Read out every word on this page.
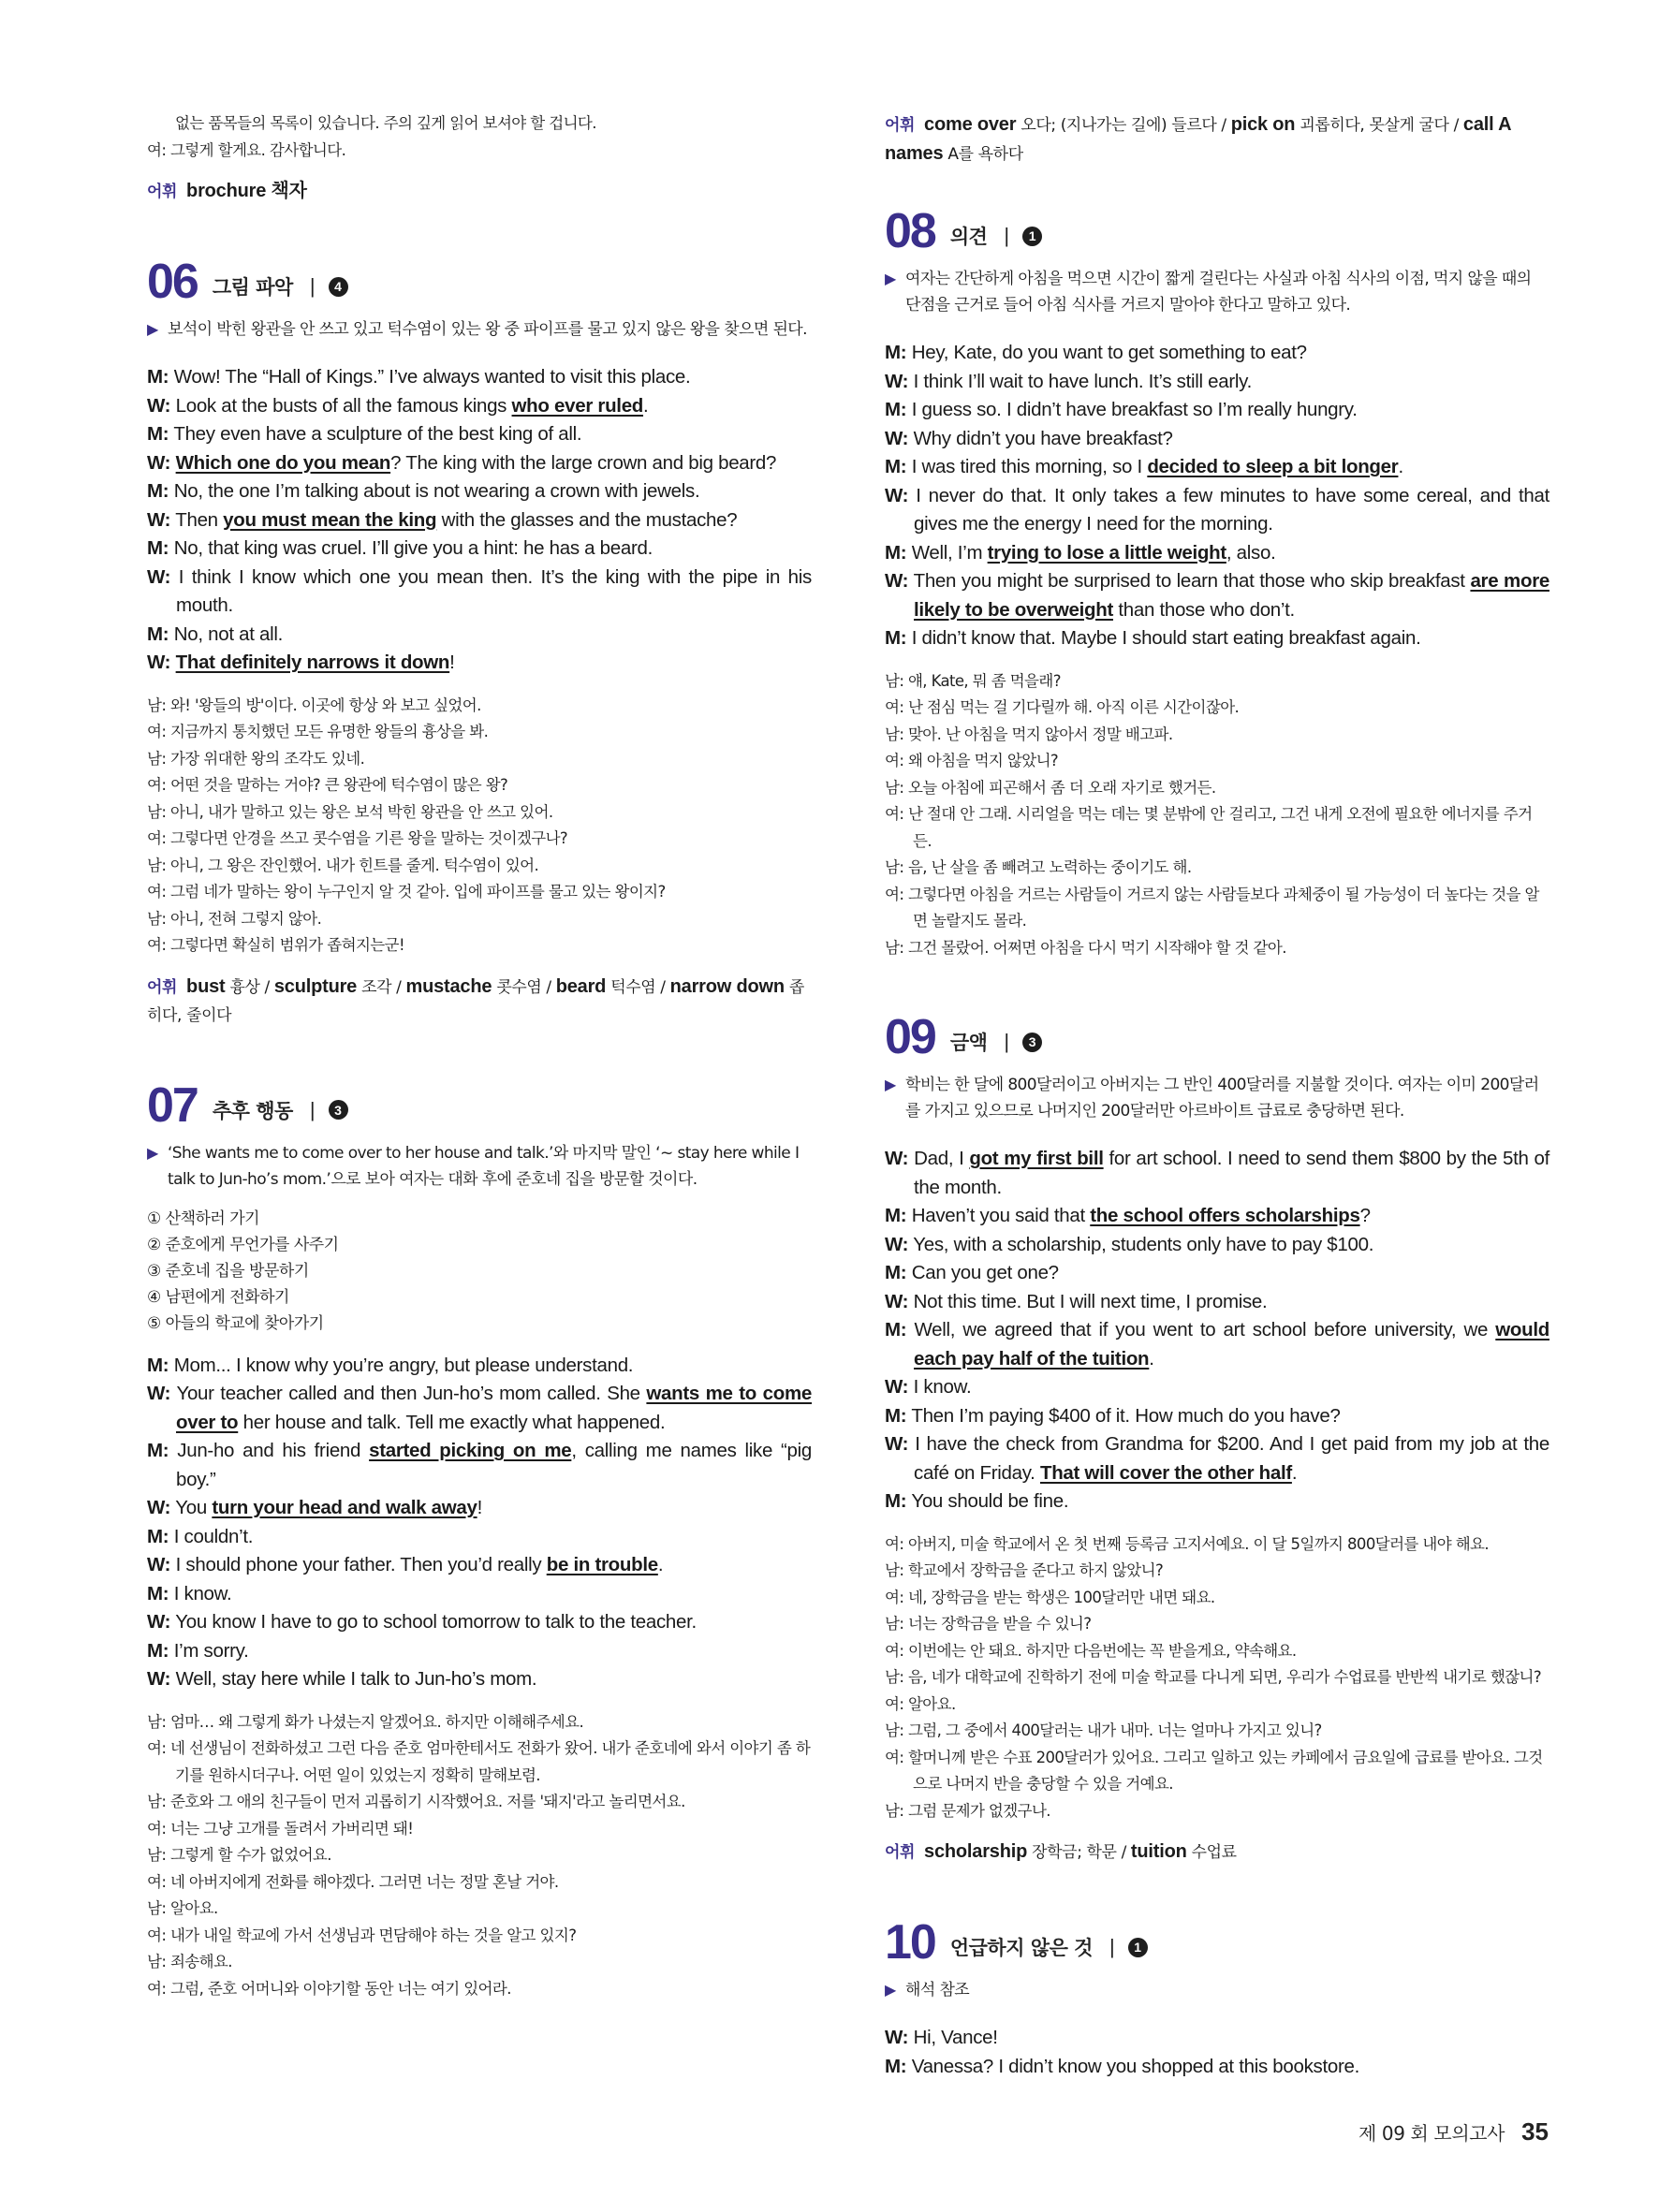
없는 품목들의 목록이 있습니다. 주의 깊게 읽어 보셔야 할 겁니다.
여: 그렇게 할게요. 감사합니다.
어휘 brochure 책자
06 그림 파악 |	4
▶ 보석이 박힌 왕관을 안 쓰고 있고 턱수염이 있는 왕 중 파이프를 물고 있지 않은 왕을 찾으면 된다.
M: Wow! The “Hall of Kings.” I’ve always wanted to visit this place.
W: Look at the busts of all the famous kings who ever ruled.
M: They even have a sculpture of the best king of all.
W: Which one do you mean? The king with the large crown and big beard?
M: No, the one I’m talking about is not wearing a crown with jewels.
W: Then you must mean the king with the glasses and the mustache?
M: No, that king was cruel. I’ll give you a hint: he has a beard.
W: I think I know which one you mean then. It’s the king with the pipe in his mouth.
M: No, not at all.
W: That definitely narrows it down!
남: 와! '왕들의 방'이다. 이곳에 항상 와 보고 싶었어.
여: 지금까지 통치했던 모든 유명한 왕들의 흉상을 봐.
남: 가장 위대한 왕의 조각도 있네.
여: 어떤 것을 말하는 거야? 큰 왕관에 턱수염이 많은 왕?
남: 아니, 내가 말하고 있는 왕은 보석 박힌 왕관을 안 쓰고 있어.
여: 그렇다면 안경을 쓰고 콧수염을 기른 왕을 말하는 것이겠구나?
남: 아니, 그 왕은 잔인했어. 내가 힌트를 줄게. 턱수염이 있어.
여: 그럼 네가 말하는 왕이 누구인지 알 것 같아. 입에 파이프를 물고 있는 왕이지?
남: 아니, 전혀 그렇지 않아.
여: 그렇다면 확실히 범위가 좁혀지는군!
어휘 bust 흉상 / sculpture 조각 / mustache 콧수염 / beard 턱수염 / narrow down 좁히다, 줄이다
07 추후 행동 |	3
▶ ‘She wants me to come over to her house and talk.’와 마지막 말인 ‘~ stay here while I talk to Jun-ho’s mom.’으로 보아 여자는 대화 후에 준호네 집을 방문할 것이다.
① 산책하러 가기
② 준호에게 무언가를 사주기
③ 준호네 집을 방문하기
④ 남편에게 전화하기
⑤ 아들의 학교에 찾아가기
M: Mom... I know why you’re angry, but please understand.
W: Your teacher called and then Jun-ho’s mom called. She wants me to come over to her house and talk. Tell me exactly what happened.
M: Jun-ho and his friend started picking on me, calling me names like “pig boy.”
W: You turn your head and walk away!
M: I couldn’t.
W: I should phone your father. Then you’d really be in trouble.
M: I know.
W: You know I have to go to school tomorrow to talk to the teacher.
M: I’m sorry.
W: Well, stay here while I talk to Jun-ho’s mom.
남: 엄마… 왜 그렇게 화가 나셨는지 알겠어요. 하지만 이해해주세요.
여: 네 선생님이 전화하셨고 그런 다음 준호 엄마한테서도 전화가 왔어. 내가 준호네에 와서 이야기 좀 하기를 원하시더구나. 어떤 일이 있었는지 정확히 말해보렴.
남: 준호와 그 애의 친구들이 먼저 괴롭히기 시작했어요. 저를 '돼지'라고 놀리면서요.
여: 너는 그냥 고개를 돌려서 가버리면 돼!
남: 그렇게 할 수가 없었어요.
여: 네 아버지에게 전화를 해야겠다. 그러면 너는 정말 혼날 거야.
남: 알아요.
여: 내가 내일 학교에 가서 선생님과 면담해야 하는 것을 알고 있지?
남: 죄송해요.
여: 그럼, 준호 어머니와 이야기할 동안 너는 여기 있어라.
어휘 come over 오다; (지나가는 길에) 들르다 / pick on 괴롭히다, 못살게 굴다 / call A names A를 욕하다
08 의견 |	1
▶ 여자는 간단하게 아침을 먹으면 시간이 짧게 걸린다는 사실과 아침 식사의 이점, 먹지 않을 때의 단점을 근거로 들어 아침 식사를 거르지 말아야 한다고 말하고 있다.
M: Hey, Kate, do you want to get something to eat?
W: I think I’ll wait to have lunch. It’s still early.
M: I guess so. I didn’t have breakfast so I’m really hungry.
W: Why didn’t you have breakfast?
M: I was tired this morning, so I decided to sleep a bit longer.
W: I never do that. It only takes a few minutes to have some cereal, and that gives me the energy I need for the morning.
M: Well, I’m trying to lose a little weight, also.
W: Then you might be surprised to learn that those who skip breakfast are more likely to be overweight than those who don’t.
M: I didn’t know that. Maybe I should start eating breakfast again.
남: 얘, Kate, 뭐 좀 먹을래?
여: 난 점심 먹는 걸 기다릴까 해. 아직 이른 시간이잖아.
남: 맞아. 난 아침을 먹지 않아서 정말 배고파.
여: 왜 아침을 먹지 않았니?
남: 오늘 아침에 피곤해서 좀 더 오래 자기로 했거든.
여: 난 절대 안 그래. 시리얼을 먹는 데는 몇 분밖에 안 걸리고, 그건 내게 오전에 필요한 에너지를 주거든.
남: 음, 난 살을 좀 빼려고 노력하는 중이기도 해.
여: 그렇다면 아침을 거르는 사람들이 거르지 않는 사람들보다 과체중이 될 가능성이 더 높다는 것을 알면 놀랄지도 몰라.
남: 그건 몰랐어. 어쩌면 아침을 다시 먹기 시작해야 할 것 같아.
09 금액 |	3
▶ 학비는 한 달에 800달러이고 아버지는 그 반인 400달러를 지불할 것이다. 여자는 이미 200달러를 가지고 있으므로 나머지인 200달러만 아르바이트 급료로 충당하면 된다.
W: Dad, I got my first bill for art school. I need to send them $800 by the 5th of the month.
M: Haven’t you said that the school offers scholarships?
W: Yes, with a scholarship, students only have to pay $100.
M: Can you get one?
W: Not this time. But I will next time, I promise.
M: Well, we agreed that if you went to art school before university, we would each pay half of the tuition.
W: I know.
M: Then I’m paying $400 of it. How much do you have?
W: I have the check from Grandma for $200. And I get paid from my job at the café on Friday. That will cover the other half.
M: You should be fine.
여: 아버지, 미술 학교에서 온 첫 번째 등록금 고지서예요. 이 달 5일까지 800달러를 내야 해요.
남: 학교에서 장학금을 준다고 하지 않았니?
여: 네, 장학금을 받는 학생은 100달러만 내면 돼요.
남: 너는 장학금을 받을 수 있니?
여: 이번에는 안 돼요. 하지만 다음번에는 꼭 받을게요, 약속해요.
남: 음, 네가 대학교에 진학하기 전에 미술 학교를 다니게 되면, 우리가 수업료를 반반씩 내기로 했잖니?
여: 알아요.
남: 그럼, 그 중에서 400달러는 내가 내마. 너는 얼마나 가지고 있니?
여: 할머니께 받은 수표 200달러가 있어요. 그리고 일하고 있는 카페에서 금요일에 급료를 받아요. 그것으로 나머지 반을 충당할 수 있을 거예요.
남: 그럼 문제가 없겠구나.
어휘 scholarship 장학금; 학문 / tuition 수업료
10 언급하지 않은 것 |	1
▶ 해석 참조
W: Hi, Vance!
M: Vanessa? I didn’t know you shopped at this bookstore.
제 09 회 모의고사 35
